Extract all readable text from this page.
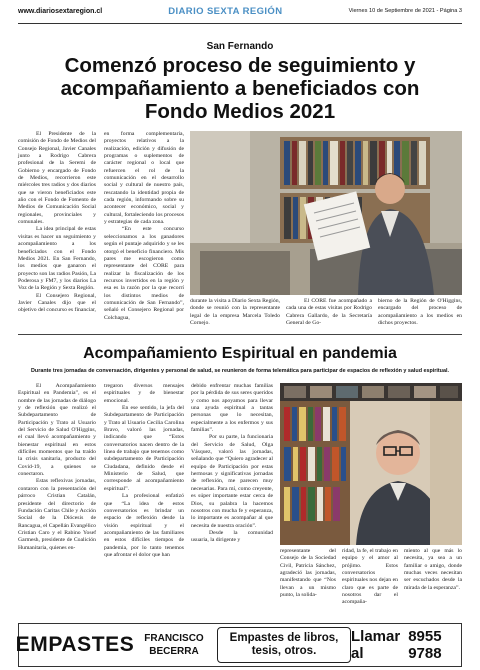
www.diariosextaregion.cl	DIARIO SEXTA REGIÓN	Viernes 10 de Septiembre de 2021 - Página 3
San Fernando
Comenzó proceso de seguimiento y acompañamiento a beneficiados con Fondo Medios 2021

El Presidente de la comisión de Fondo de Medios del Consejo Regional, Javier Canales junto a Rodrigo Cabrera profesional de la Seremi de Gobierno y encargado de Fondo de Medios, recorrieron este miércoles tres radios y dos diarios que se vieron beneficiados este año con el Fondo de Fomento de Medios de Comunicación Social regionales, provinciales y comunales.

La idea principal de estas visitas es hacer un seguimiento y acompañamiento a los beneficiados con el Fondo Medios 2021. En San Fernando, los medios que ganaron el proyecto son las radios Pasión, La Poderosa y FM7, y los diarios La Voz de la Región y Sexta Región.

El Consejero Regional, Javier Canales dijo que el objetivo del concurso es financiar,

en forma complementaria, proyectos relativos a la realización, edición y difusión de programas o suplementos de carácter regional o local que refuercen el rol de la comunicación en el desarrollo social y cultural de nuestro país, rescatando la identidad propia de cada región, informando sobre su acontecer económico, social y cultural, fortaleciendo los procesos y estrategias de cada zona.

“En este concurso seleccionamos a los ganadores según el puntaje adquirido y se les otorgó el beneficio financiero. Mis pares me escogieron como representante del CORE para realizar la fiscalización de los recursos invertidos en la región y esa es la razón por la que recorrí los distintos medios de comunicación de San Fernando”, señaló el Consejero Regional por Colchagua,

durante la visita a Diario Sexta Región, donde se reunió con la representante legal de la empresa Marcela Toledo Cornejo.

El CORE fue acompañado a cada una de estas visitas por Rodrigo Cabrera Gallardo, de la Secretaría General de Go-

bierno de la Región de O'Higgins, encargado del proceso de acompañamiento a los medios en dichos proyectos.

Acompañamiento Espiritual en pandemia
Durante tres jornadas de conversación, dirigentes y personal de salud, se reunieron de forma telemática para participar de espacios de reflexión y salud espiritual.

El Acompañamiento Espiritual en Pandemia”, es el nombre de las jornadas de diálogo y de reflexión que realizó el Subdepartamento de Participación y Trato al Usuario del Servicio de Salud O'Higgins, el cual llevó acompañamiento y bienestar espiritual en estos difíciles momentos que ha traído la crisis sanitaria, producto del Covid-19, a quienes se conectaron.

Estas reflexivas jornadas, contaron con la presentación del párroco Cristian Catalán, presidente del directorio de Fundación Caritas Chile y Acción Social de la Diócesis de Rancagua, el Capellán Evangélico Cristian Caro y el Rabino Yosef Garmesh, presidente de Coalición Humanitaria, quienes en-

tregaron diversos mensajes espirituales y de bienestar emocional.

En ese sentido, la jefa del Subdepartamento de Participación y Trato al Usuario Cecilia Carolina Bravo, valoró las jornadas, indicando que “Estos conversatorios nacen dentro de la línea de trabajo que tenemos como subdepartamento de Participación Ciudadana, definido desde el Ministerio de Salud, que corresponde al acompañamiento espiritual”.

La profesional enfatizó que “La idea de estos conversatorios es brindar un espacio de reflexión desde la visión espiritual y el acompañamiento de las familiares en estos difíciles tiempos de pandemia, por lo tanto tenemos que afrontar el dolor que han

debido enfrentar muchas familias por la pérdida de sus seres queridos y como nos apoyamos para llevar una ayuda espiritual a tantas personas que lo necesitan, especialmente a los enfermos y sus familias”.

Por su parte, la funcionaria del Servicio de Salud, Olga Vásquez, valoró las jornadas, señalando que “Quiero agradecer al equipo de Participación por estas hermosas y significativas jornadas de reflexión, me parecen muy necesarias. Para mí, como creyente, es súper importante estar cerca de Dios, su palabra la hacemos nosotros con mucha fe y esperanza, lo importante es acompañar al que necesita de nuestra oración”.

Desde la comunidad usuaria, la dirigente y

representante del Consejo de la Sociedad Civil, Patricia Sánchez, agradeció las jornadas, manifestando que “Nos llevan a un mismo punto, la solida-

ridad, la fe, el trabajo en equipo y el amor al prójimo. Estos conversatorios espirituales nos dejan en claro que es parte de nosotros dar el acompaña-

miento al que más lo necesita, ya sea a un familiar o amigo, donde muchas veces necesitan ser escuchados desde la mirada de la esperanza”.

EMPASTES FRANCISCO
BECERRA
Empastes de libros,
tesis, otros.
Llamar al
8955 9788
